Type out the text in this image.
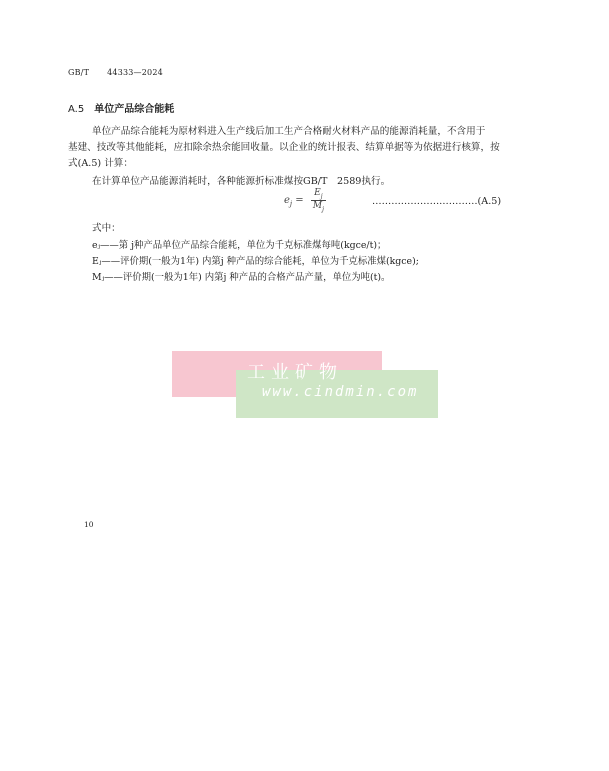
GB/T 44333—2024
A.5 单位产品综合能耗
单位产品综合能耗为原材料进入生产线后加工生产合格耐火材料产品的能源消耗量，不含用于
基建、技改等其他能耗，应扣除余热余能回收量。以企业的统计报表、结算单据等为依据进行核算，按
式(A.5) 计算：
在计算单位产品能源消耗时，各种能源折标准煤按GB/T　2589执行。
$e_j = \frac{E_j}{M_j}$	……………………………(A.5)
式中：
eⱼ——第 j种产品单位产品综合能耗，单位为千克标准煤每吨(kgce/t)；
Eⱼ——评价期(一般为1年) 内第j 种产品的综合能耗，单位为千克标准煤(kgce);
Mⱼ——评价期(一般为1年) 内第j 种产品的合格产品产量，单位为吨(t)。
工业矿物
www.cindmin.com
10
